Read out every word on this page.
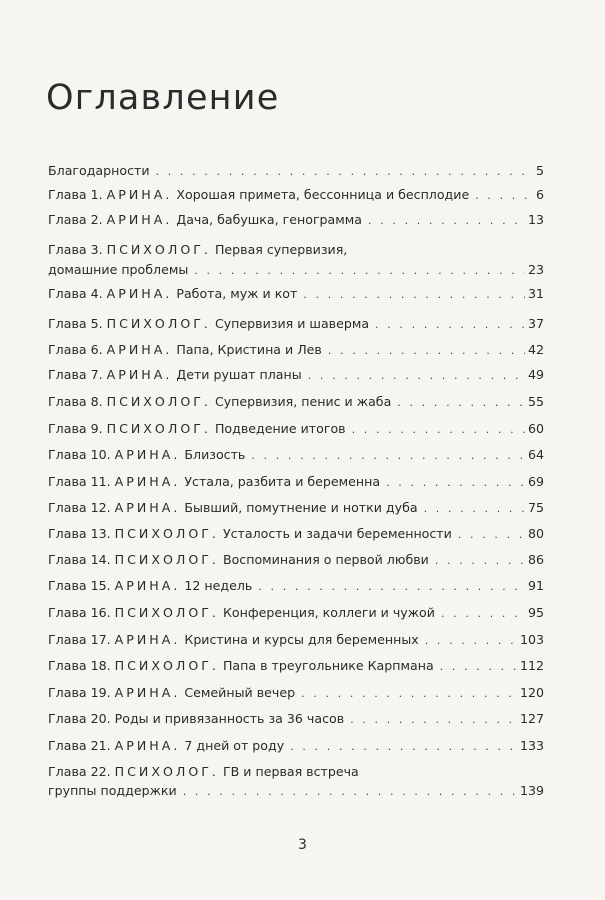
Оглавление
Благодарности . . .	5
Глава 1. АРИНА. Хорошая примета, бессонница и бесплодие . . .	6
Глава 2. АРИНА. Дача, бабушка, генограмма . . .	13
Глава 3. ПСИХОЛОГ. Первая супервизия,
домашние проблемы . . .	23
Глава 4. АРИНА. Работа, муж и кот . . .	31
Глава 5. ПСИХОЛОГ. Супервизия и шаверма . . .	37
Глава 6. АРИНА. Папа, Кристина и Лев . . .	42
Глава 7. АРИНА. Дети рушат планы . . .	49
Глава 8. ПСИХОЛОГ. Супервизия, пенис и жаба . . .	55
Глава 9. ПСИХОЛОГ. Подведение итогов . . .	60
Глава 10. АРИНА. Близость . . .	64
Глава 11. АРИНА. Устала, разбита и беременна . . .	69
Глава 12. АРИНА. Бывший, помутнение и нотки дуба . . .	75
Глава 13. ПСИХОЛОГ. Усталость и задачи беременности . . .	80
Глава 14. ПСИХОЛОГ. Воспоминания о первой любви . . .	86
Глава 15. АРИНА. 12 недель . . .	91
Глава 16. ПСИХОЛОГ. Конференция, коллеги и чужой . . .	95
Глава 17. АРИНА. Кристина и курсы для беременных . . .	103
Глава 18. ПСИХОЛОГ. Папа в треугольнике Карпмана . . .	112
Глава 19. АРИНА. Семейный вечер . . .	120
Глава 20. Роды и привязанность за 36 часов . . .	127
Глава 21. АРИНА. 7 дней от роду . . .	133
Глава 22. ПСИХОЛОГ. ГВ и первая встреча
группы поддержки . . .	139
3
